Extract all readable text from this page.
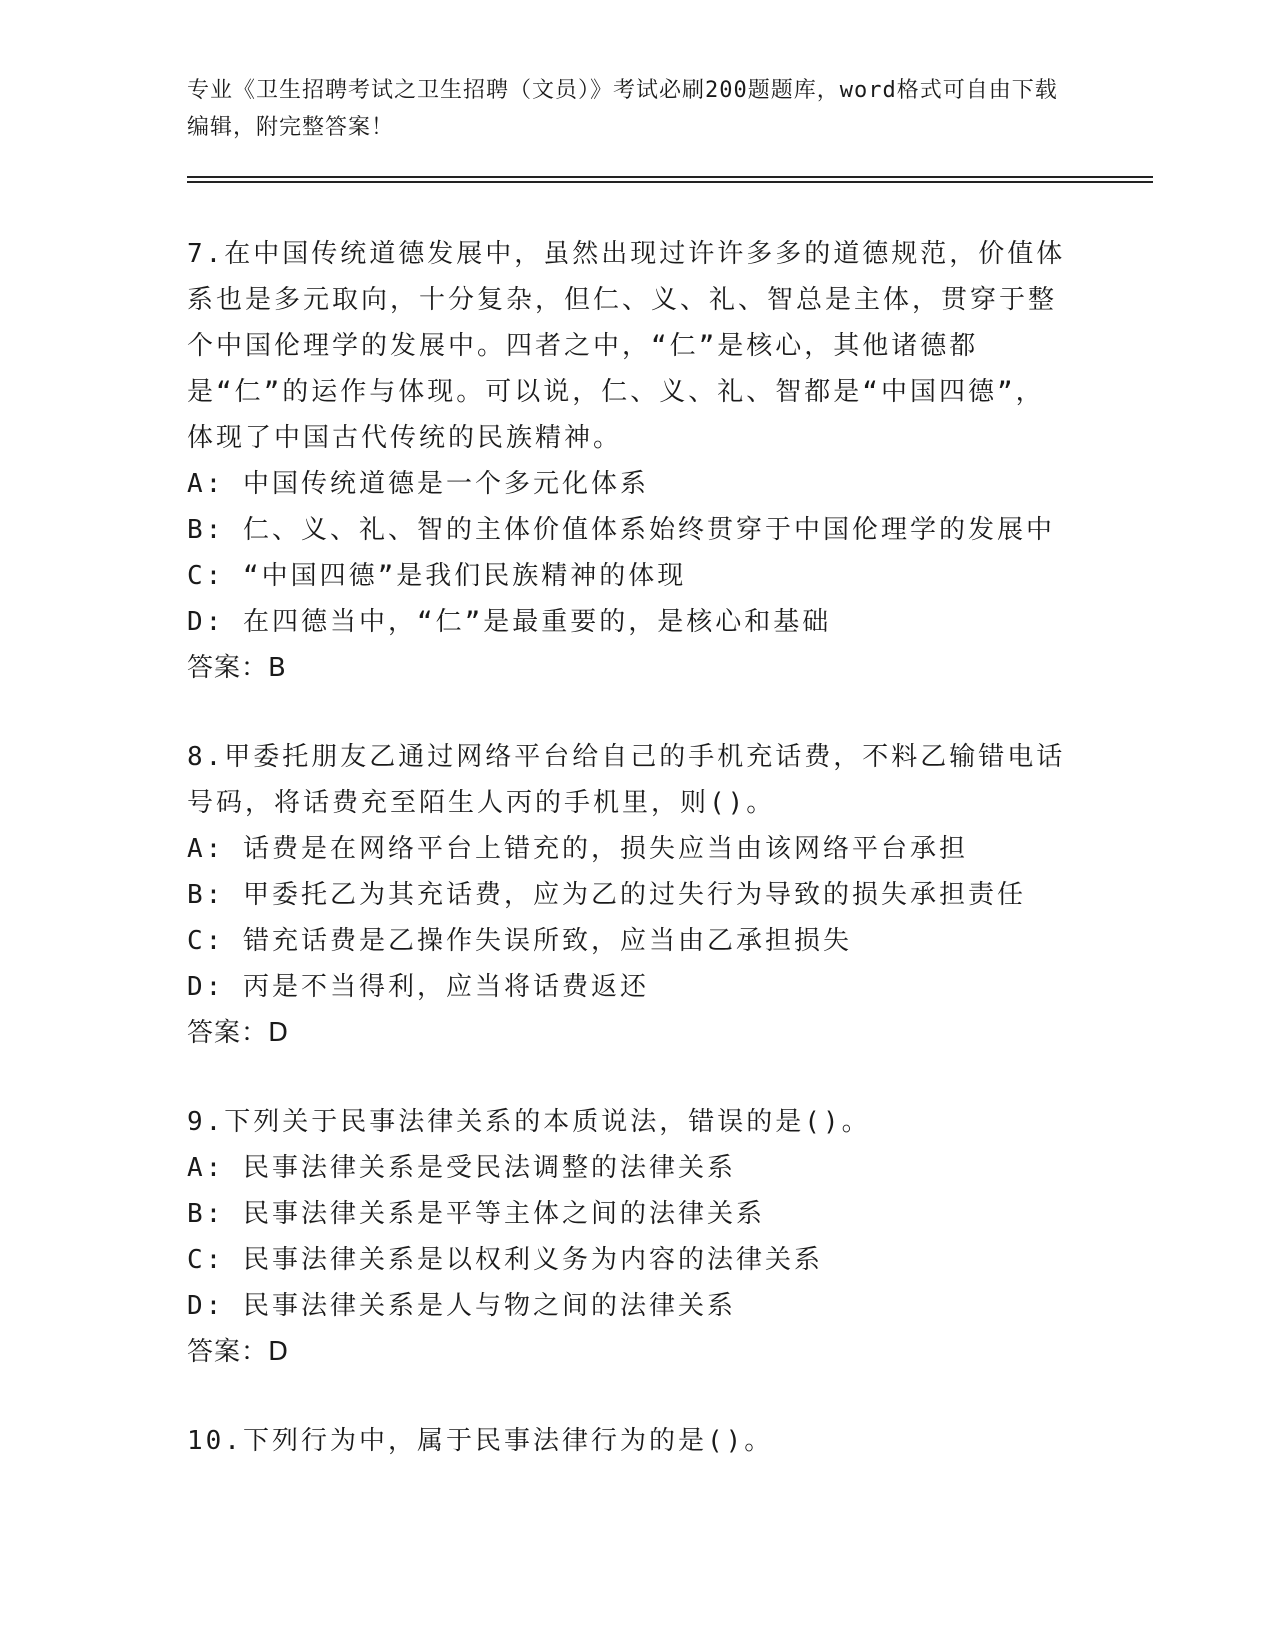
专业《卫生招聘考试之卫生招聘（文员）》考试必刷200题题库，word格式可自由下载编辑，附完整答案！

7.在中国传统道德发展中，虽然出现过许许多多的道德规范，价值体系也是多元取向，十分复杂，但仁、义、礼、智总是主体，贯穿于整个中国伦理学的发展中。四者之中，“仁”是核心，其他诸德都是“仁”的运作与体现。可以说，仁、义、礼、智都是“中国四德”，体现了中国古代传统的民族精神。

A: 中国传统道德是一个多元化体系

B: 仁、义、礼、智的主体价值体系始终贯穿于中国伦理学的发展中

C: “中国四德”是我们民族精神的体现

D: 在四德当中，“仁”是最重要的，是核心和基础

答案：B

8.甲委托朋友乙通过网络平台给自己的手机充话费，不料乙输错电话号码，将话费充至陌生人丙的手机里，则()。

A: 话费是在网络平台上错充的，损失应当由该网络平台承担

B: 甲委托乙为其充话费，应为乙的过失行为导致的损失承担责任

C: 错充话费是乙操作失误所致，应当由乙承担损失

D: 丙是不当得利，应当将话费返还

答案：D

9.下列关于民事法律关系的本质说法，错误的是()。

A: 民事法律关系是受民法调整的法律关系

B: 民事法律关系是平等主体之间的法律关系

C: 民事法律关系是以权利义务为内容的法律关系

D: 民事法律关系是人与物之间的法律关系

答案：D

10.下列行为中，属于民事法律行为的是()。
